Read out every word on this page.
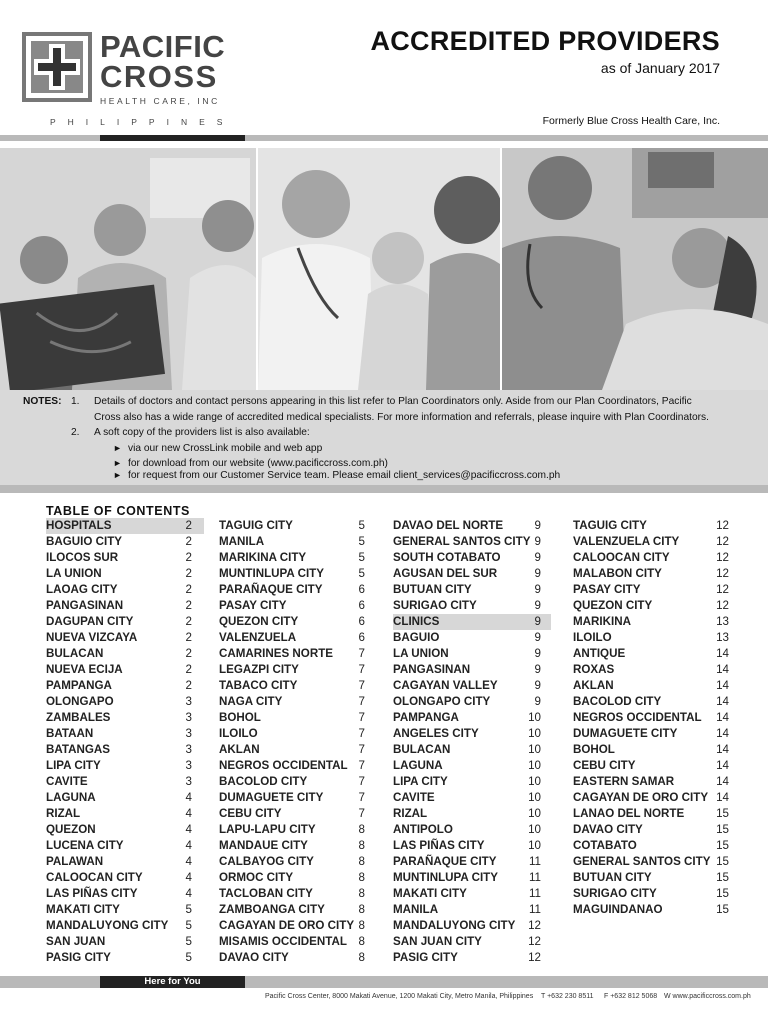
PACIFIC
CROSS
HEALTH CARE, INC
PHILIPPINES
ACCREDITED PROVIDERS
as of January 2017
Formerly Blue Cross Health Care, Inc.
NOTES: 1. Details of doctors and contact persons appearing in this list refer to Plan Coordinators only. Aside from our Plan Coordinators, Pacific
Cross also has a wide range of accredited medical specialists. For more information and referrals, please inquire with Plan Coordinators.
2. A soft copy of the providers list is also available:
► via our new CrossLink mobile and web app
► for download from our website (www.pacificcross.com.ph)
► for request from our Customer Service team. Please email client_services@pacificcross.com.ph
TABLE OF CONTENTS
HOSPITALS	2
BAGUIO CITY	2
ILOCOS SUR	2
LA UNION	2
LAOAG CITY	2
PANGASINAN	2
DAGUPAN CITY	2
NUEVA VIZCAYA	2
BULACAN	2
NUEVA ECIJA	2
PAMPANGA	2
OLONGAPO	3
ZAMBALES	3
BATAAN	3
BATANGAS	3
LIPA CITY	3
CAVITE	3
LAGUNA	4
RIZAL	4
QUEZON	4
LUCENA CITY	4
PALAWAN	4
CALOOCAN CITY	4
LAS PIÑAS CITY	4
MAKATI CITY	5
MANDALUYONG CITY 5
SAN JUAN	5
PASIG CITY	5
TAGUIG CITY	5
MANILA	5
MARIKINA CITY	5
MUNTINLUPA CITY	5
PARAÑAQUE CITY	6
PASAY CITY	6
QUEZON CITY	6
VALENZUELA	6
CAMARINES NORTE 7
LEGAZPI CITY	7
TABACO CITY	7
NAGA CITY	7
BOHOL	7
ILOILO	7
AKLAN	7
NEGROS OCCIDENTAL 7
BACOLOD CITY	7
DUMAGUETE CITY	7
CEBU CITY	7
LAPU-LAPU CITY	8
MANDAUE CITY	8
CALBAYOG CITY	8
ORMOC CITY	8
TACLOBAN CITY	8
ZAMBOANGA CITY	8
CAGAYAN DE ORO CITY 8
MISAMIS OCCIDENTAL 8
DAVAO CITY	8
DAVAO DEL NORTE	9
GENERAL SANTOS CITY 9
SOUTH COTABATO	9
AGUSAN DEL SUR	9
BUTUAN CITY	9
SURIGAO CITY	9
CLINICS	9
BAGUIO	9
LA UNION	9
PANGASINAN	9
CAGAYAN VALLEY	9
OLONGAPO CITY	9
PAMPANGA	10
ANGELES CITY	10
BULACAN	10
LAGUNA	10
LIPA CITY	10
CAVITE	10
RIZAL	10
ANTIPOLO	10
LAS PIÑAS CITY	10
PARAÑAQUE CITY	11
MUNTINLUPA CITY	11
MAKATI CITY	11
MANILA	11
MANDALUYONG CITY 12
SAN JUAN CITY	12
PASIG CITY	12
TAGUIG CITY	12
VALENZUELA CITY	12
CALOOCAN CITY	12
MALABON CITY	12
PASAY CITY	12
QUEZON CITY	12
MARIKINA	13
ILOILO	13
ANTIQUE	14
ROXAS	14
AKLAN	14
BACOLOD CITY	14
NEGROS OCCIDENTAL 14
DUMAGUETE CITY	14
BOHOL	14
CEBU CITY	14
EASTERN SAMAR	14
CAGAYAN DE ORO CITY 14
LANAO DEL NORTE	15
DAVAO CITY	15
COTABATO	15
GENERAL SANTOS CITY 15
BUTUAN CITY	15
SURIGAO CITY	15
MAGUINDANAO	15
Here for You
Pacific Cross Center, 8000 Makati Avenue, 1200 Makati City, Metro Manila, Philippines T +632 230 8511 F +632 812 5068 W www.pacificcross.com.ph
